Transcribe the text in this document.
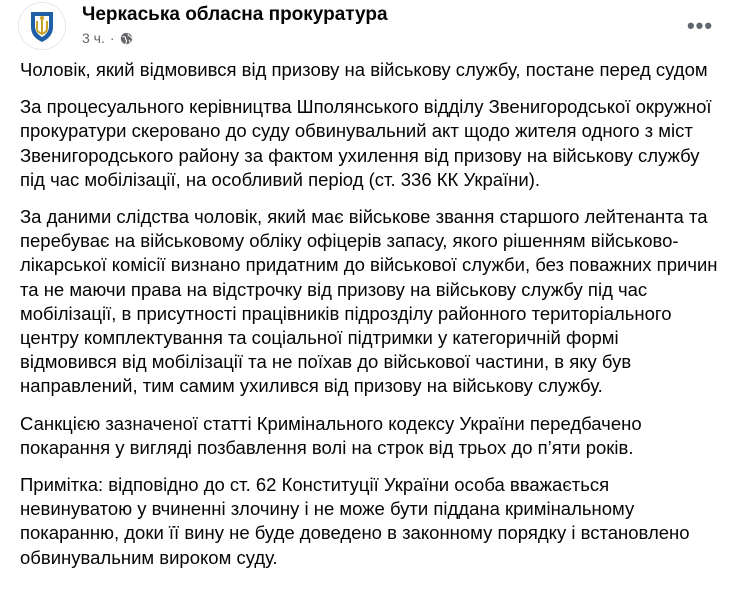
Черкаська обласна прокуратура
3 ч. ·	•••

Чоловік, який відмовився від призову на військову службу, постане перед судом

За процесуального керівництва Шполянського відділу Звенигородської окружної прокуратури скеровано до суду обвинувальний акт щодо жителя одного з міст Звенигородського району за фактом ухилення від призову на військову службу під час мобілізації, на особливий період (ст. 336 КК України).

За даними слідства чоловік, який має військове звання старшого лейтенанта та перебуває на військовому обліку офіцерів запасу, якого рішенням військово-лікарської комісії визнано придатним до військової служби, без поважних причин та не маючи права на відстрочку від призову на військову службу під час мобілізації, в присутності працівників підрозділу районного територіального центру комплектування та соціальної підтримки у категоричній формі відмовився від мобілізації та не поїхав до військової частини, в яку був направлений, тим самим ухилився від призову на військову службу.

Санкцією зазначеної статті Кримінального кодексу України передбачено покарання у вигляді позбавлення волі на строк від трьох до п’яти років.

Примітка: відповідно до ст. 62 Конституції України особа вважається невинуватою у вчиненні злочину і не може бути піддана кримінальному покаранню, доки її вину не буде доведено в законному порядку і встановлено обвинувальним вироком суду.
